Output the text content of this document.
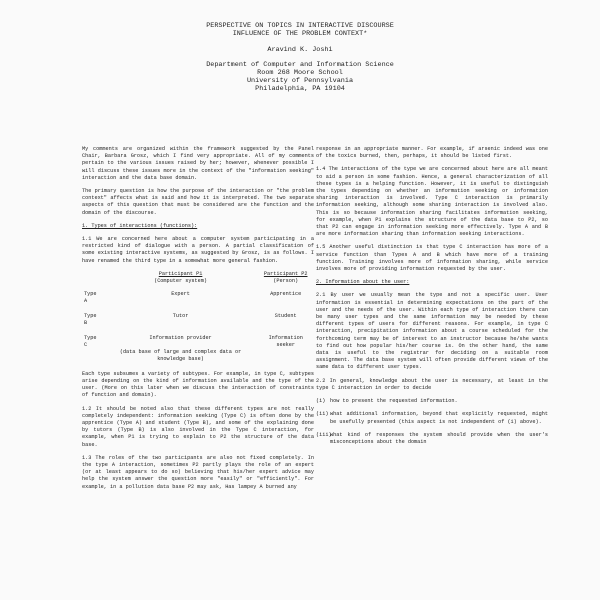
PERSPECTIVE ON TOPICS IN INTERACTIVE DISCOURSE
INFLUENCE OF THE PROBLEM CONTEXT*
Aravind K. Joshi
Department of Computer and Information Science
Room 268 Moore School
University of Pennsylvania
Philadelphia, PA 19104

My comments are organized within the framework suggested by the Panel Chair, Barbara Grosz, which I find very appropriate. All of my comments pertain to the various issues raised by her; however, whenever possible I will discuss these issues more in the context of the "information seeking" interaction and the data base domain.

The primary question is how the purpose of the interaction or "the problem context" affects what is said and how it is interpreted. The two separate aspects of this question that must be considered are the function and the domain of the discourse.

1. Types of interactions (functions):

1.1 We are concerned here about a computer system participating in a restricted kind of dialogue with a person. A partial classification of some existing interactive systems, as suggested by Grosz, is as follows. I have renamed the third type in a somewhat more general fashion.

	Participant P1	Participant P2
	(Computer system)	(Person)

Type A	Expert	Apprentice

Type B	Tutor	Student

Type C	Information provider	Information seeker
	(data base of large and complex data or knowledge base)	

Each type subsumes a variety of subtypes. For example, in type C, subtypes arise depending on the kind of information available and the type of the user. (More on this later when we discuss the interaction of constraints of function and domain).

1.2 It should be noted also that these different types are not really completely independent: information seeking (Type C) is often done by the apprentice (Type A) and student (Type B), and some of the explaining done by tutors (Type B) is also involved in the Type C interaction, for example, when P1 is trying to explain to P2 the structure of the data base.

1.3 The roles of the two participants are also not fixed completely. In the type A interaction, sometimes P2 partly plays the role of an expert (or at least appears to do so) believing that his/her expert advice may help the system answer the question more "easily" or "efficiently". For example, in a pollution data base P2 may ask, Has lampey A burned any

response in an appropriate manner. For example, if arsenic indeed was one of the toxics burned, then, perhaps, it should be listed first.

1.4 The interactions of the type we are concerned about here are all meant to aid a person in some fashion. Hence, a general characterization of all these types is a helping function. However, it is useful to distinguish the types depending on whether an information seeking or information sharing interaction is involved. Type C interaction is primarily information seeking, although some sharing interaction is involved also. This is so because information sharing facilitates information seeking, for example, when P1 explains the structure of the data base to P2, so that P2 can engage in information seeking more effectively. Type A and B are more information sharing than information seeking interactions.

1.5 Another useful distinction is that type C interaction has more of a service function than Types A and B which have more of a training function. Training involves more of information sharing, while service involves more of providing information requested by the user.

2. Information about the user:

2.1 By user we usually mean the type and not a specific user. User information is essential in determining expectations on the part of the user and the needs of the user. Within each type of interaction there can be many user types and the same information may be needed by these different types of users for different reasons. For example, in type C interaction, precipitation information about a course scheduled for the forthcoming term may be of interest to an instructor because he/she wants to find out how popular his/her course is. On the other hand, the same data is useful to the registrar for deciding on a suitable room assignment. The data base system will often provide different views of the same data to different user types.

2.2 In general, knowledge about the user is necessary, at least in the type C interaction in order to decide

(i) how to present the requested information.
(ii) what additional information, beyond that explicitly requested, might be usefully presented (this aspect is not independent of (i) above).
(iii)
what kind of responses the system should provide when the user's misconceptions about the domain
